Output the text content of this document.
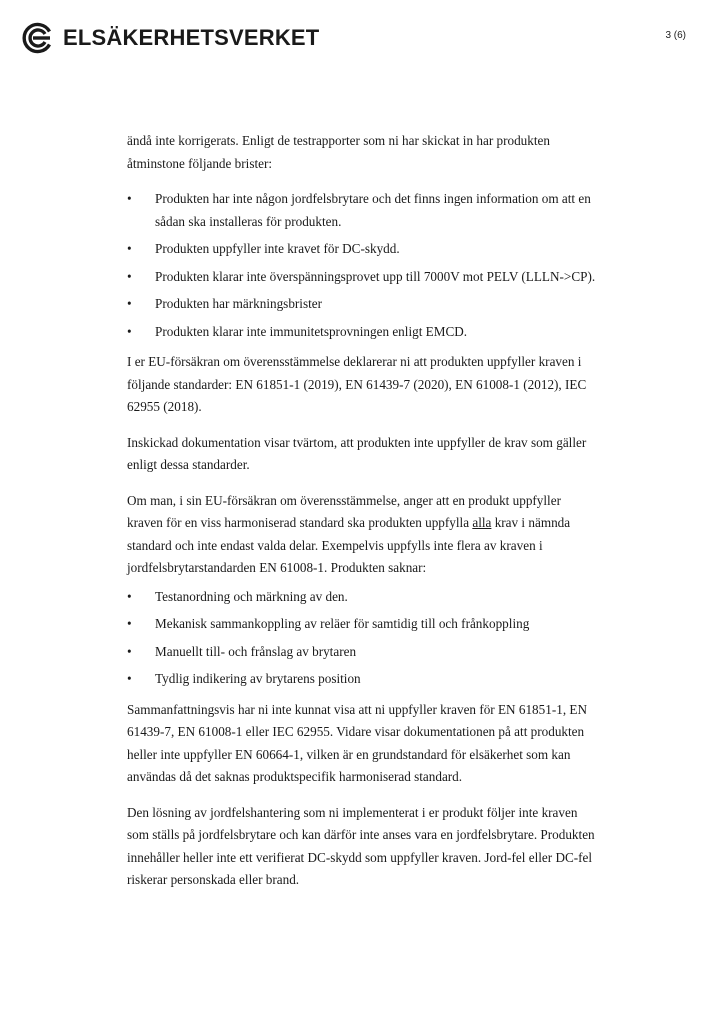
ELSÄKERHETSVERKET	3 (6)

ändå inte korrigerats. Enligt de testrapporter som ni har skickat in har produkten åtminstone följande brister:

• Produkten har inte någon jordfelsbrytare och det finns ingen information om att en sådan ska installeras för produkten.
• Produkten uppfyller inte kravet för DC-skydd.
• Produkten klarar inte överspänningsprovet upp till 7000V mot PELV (LLLN->CP).
• Produkten har märkningsbrister
• Produkten klarar inte immunitetsprovningen enligt EMCD.

I er EU-försäkran om överensstämmelse deklarerar ni att produkten uppfyller kraven i följande standarder: EN 61851-1 (2019), EN 61439-7 (2020), EN 61008-1 (2012), IEC 62955 (2018).

Inskickad dokumentation visar tvärtom, att produkten inte uppfyller de krav som gäller enligt dessa standarder.

Om man, i sin EU-försäkran om överensstämmelse, anger att en produkt uppfyller kraven för en viss harmoniserad standard ska produkten uppfylla alla krav i nämnda standard och inte endast valda delar. Exempelvis uppfylls inte flera av kraven i jordfelsbrytarstandarden EN 61008-1. Produkten saknar:

• Testanordning och märkning av den.
• Mekanisk sammankoppling av reläer för samtidig till och frånkoppling
• Manuellt till- och frånslag av brytaren
• Tydlig indikering av brytarens position

Sammanfattningsvis har ni inte kunnat visa att ni uppfyller kraven för EN 61851-1, EN 61439-7, EN 61008-1 eller IEC 62955. Vidare visar dokumentationen på att produkten heller inte uppfyller EN 60664-1, vilken är en grundstandard för elsäkerhet som kan användas då det saknas produktspecifik harmoniserad standard.

Den lösning av jordfelshantering som ni implementerat i er produkt följer inte kraven som ställs på jordfelsbrytare och kan därför inte anses vara en jordfelsbrytare. Produkten innehåller heller inte ett verifierat DC-skydd som uppfyller kraven. Jord-fel eller DC-fel riskerar personskada eller brand.
